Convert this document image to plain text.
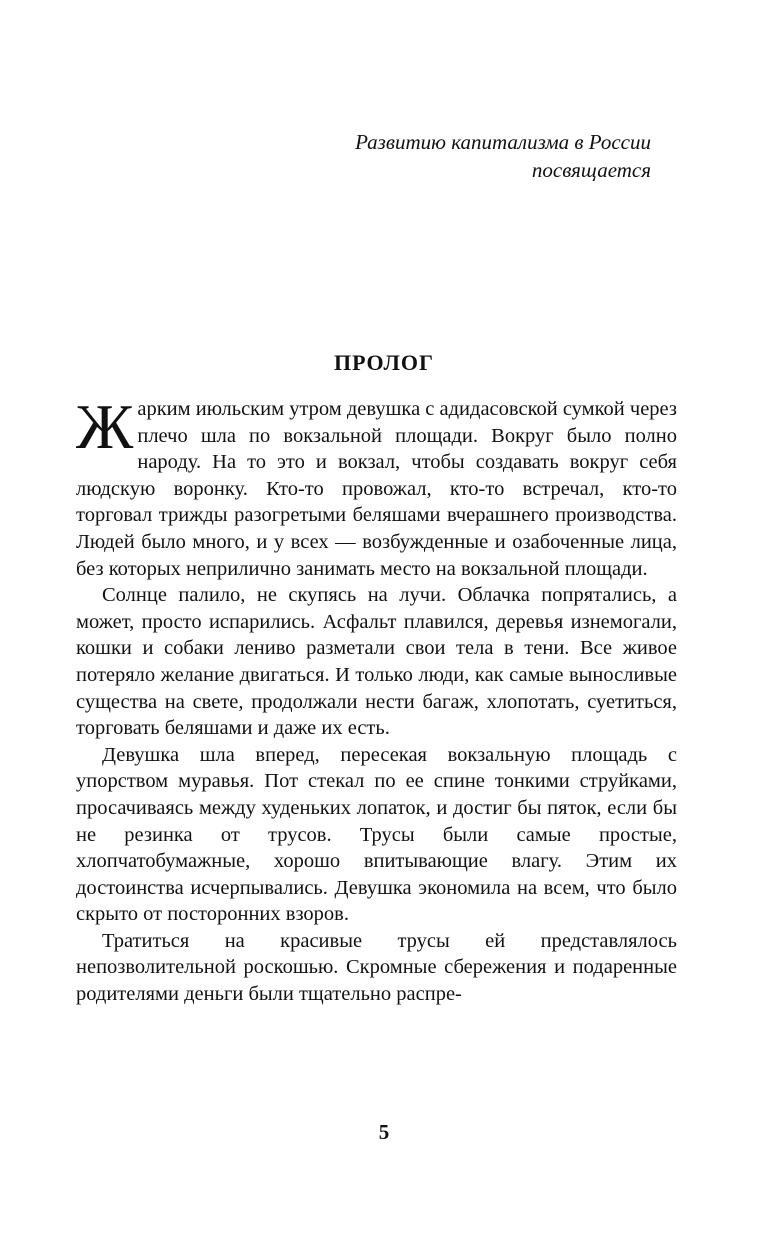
Развитию капитализма в России
посвящается
ПРОЛОГ

Жарким июльским утром девушка с адидасовской сумкой через плечо шла по вокзальной площади. Вокруг было полно народу. На то это и вокзал, чтобы создавать вокруг себя людскую воронку. Кто-то провожал, кто-то встречал, кто-то торговал трижды разогретыми беляшами вчерашнего производства. Людей было много, и у всех — возбужденные и озабоченные лица, без которых неприлично занимать место на вокзальной площади.

Солнце палило, не скупясь на лучи. Облачка попрятались, а может, просто испарились. Асфальт плавился, деревья изнемогали, кошки и собаки лениво разметали свои тела в тени. Все живое потеряло желание двигаться. И только люди, как самые выносливые существа на свете, продолжали нести багаж, хлопотать, суетиться, торговать беляшами и даже их есть.

Девушка шла вперед, пересекая вокзальную площадь с упорством муравья. Пот стекал по ее спине тонкими струйками, просачиваясь между худеньких лопаток, и достиг бы пяток, если бы не резинка от трусов. Трусы были самые простые, хлопчатобумажные, хорошо впитывающие влагу. Этим их достоинства исчерпывались. Девушка экономила на всем, что было скрыто от посторонних взоров.

Тратиться на красивые трусы ей представлялось непозволительной роскошью. Скромные сбережения и подаренные родителями деньги были тщательно распре-

5
